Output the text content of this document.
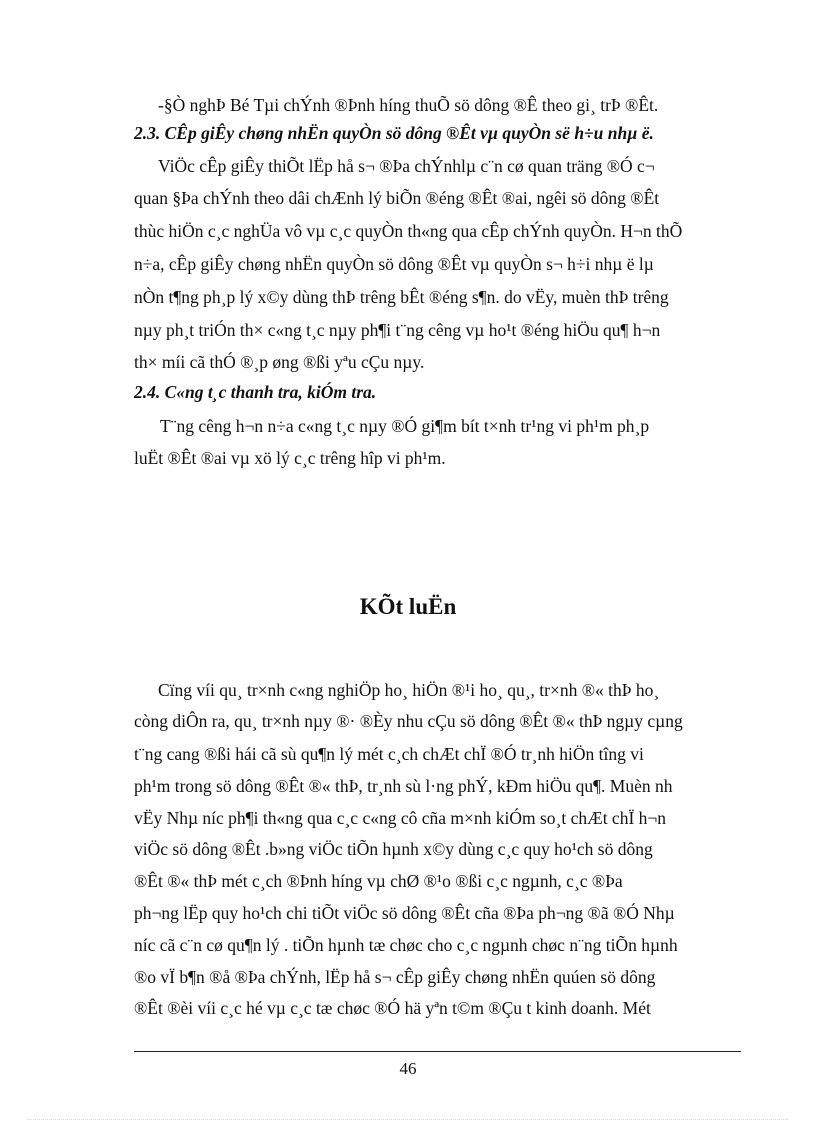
-§Ò nghÞ Bé Tµi chÝnh ®Þnh híng thuÕ sö dông ®Ê theo gi¸ trÞ ®Êt.
2.3. CÊp giÊy chøng nhËn quyÒn sö dông ®Êt vµ quyÒn së h÷u nhµ ë.
ViÖc cÊp giÊy thiÕt lËp hå s¬ ®Þa chÝnhlµ c¨n cø quan träng ®Ó c¬
quan §Þa chÝnh theo dâi chÆnh lý biÕn ®éng ®Êt ®ai, ngêi sö dông ®Êt
thùc hiÖn c¸c nghÜa vô vµ c¸c quyÒn th«ng qua cÊp chÝnh quyÒn. H¬n thÕ
n÷a, cÊp giÊy chøng nhËn quyÒn sö dông ®Êt vµ quyÒn s¬ h÷i nhµ ë lµ
nÒn t¶ng ph¸p lý x©y dùng thÞ trêng bÊt ®éng s¶n. do vËy, muèn thÞ trêng
nµy ph¸t triÓn th× c«ng t¸c nµy ph¶i t¨ng cêng vµ ho¹t ®éng hiÖu qu¶ h¬n
th× míi cã thÓ ®¸p øng ®ßi yªu cÇu nµy.
2.4. C«ng t¸c thanh tra, kiÓm tra.
T¨ng cêng h¬n n÷a c«ng t¸c nµy ®Ó gi¶m bít t×nh tr¹ng vi ph¹m ph¸p
luËt ®Êt ®ai vµ xö lý c¸c trêng hîp vi ph¹m.
KÕt luËn
Cïng víi qu¸ tr×nh c«ng nghiÖp ho¸ hiÖn ®¹i ho¸ qu¸, tr×nh ®« thÞ ho¸
còng diÔn ra, qu¸ tr×nh nµy ®· ®Èy nhu cÇu sö dông ®Êt ®« thÞ ngµy cµng
t¨ng cang ®ßi hái cã sù qu¶n lý mét c¸ch chÆt chÏ ®Ó tr¸nh hiÖn tîng vi
ph¹m trong sö dông ®Êt ®« thÞ, tr¸nh sù l·ng phÝ, kÐm hiÖu qu¶. Muèn nh
vËy Nhµ níc ph¶i th«ng qua c¸c c«ng cô cña m×nh kiÓm so¸t chÆt chÏ h¬n
viÖc sö dông ®Êt .b»ng viÖc tiÕn hµnh x©y dùng c¸c quy ho¹ch sö dông
®Êt ®« thÞ mét c¸ch ®Þnh híng vµ chØ ®¹o ®ßi c¸c ngµnh, c¸c ®Þa
ph¬ng lËp quy ho¹ch chi tiÕt viÖc sö dông ®Êt cña ®Þa ph¬ng ®ã ®Ó Nhµ
níc cã c¨n cø qu¶n lý . tiÕn hµnh tæ chøc cho c¸c ngµnh chøc n¨ng tiÕn hµnh
®o vÏ b¶n ®å ®Þa chÝnh, lËp hå s¬ cÊp giÊy chøng nhËn quúen sö dông
®Êt ®èi víi c¸c hé vµ c¸c tæ chøc ®Ó hä yªn t©m ®Çu t kinh doanh. Mét
46
